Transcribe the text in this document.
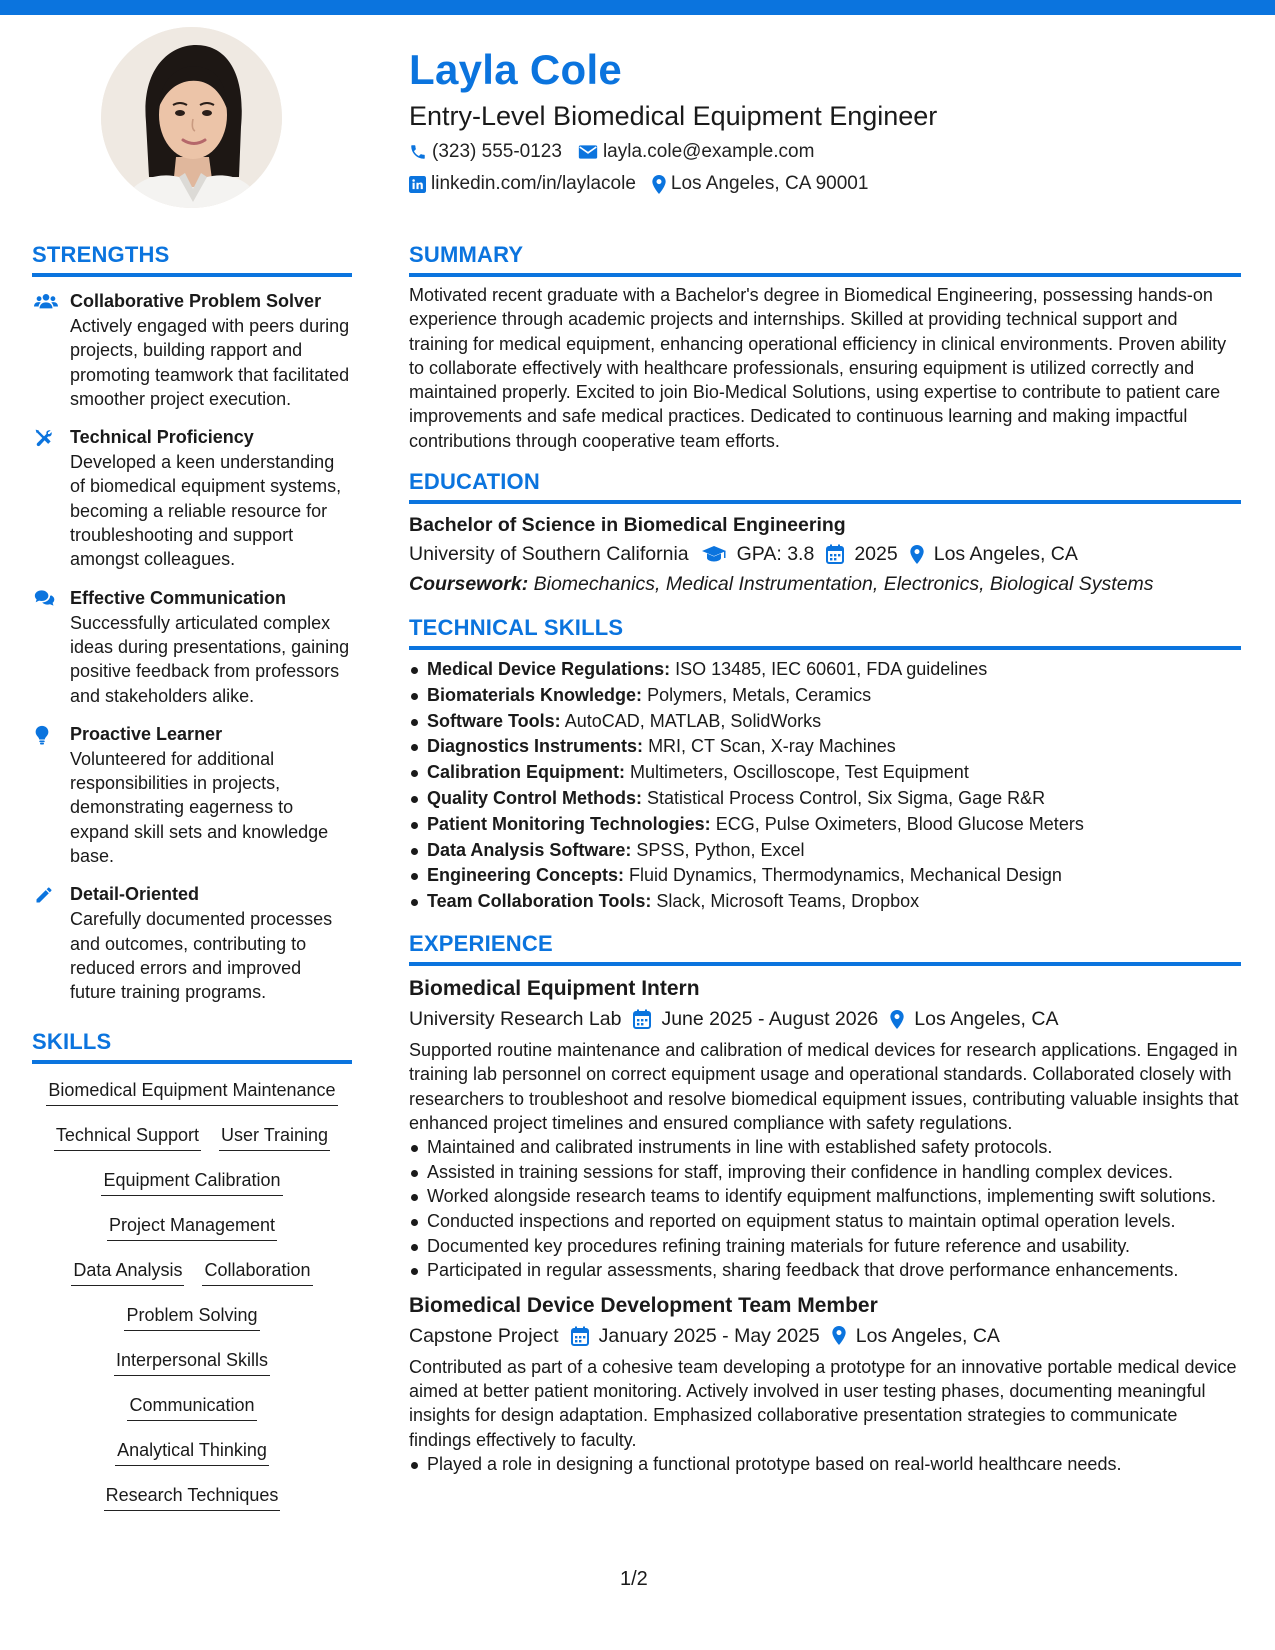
Layla Cole
Entry-Level Biomedical Equipment Engineer
(323) 555-0123 layla.cole@example.com
linkedin.com/in/laylacole Los Angeles, CA 90001
STRENGTHS
Collaborative Problem Solver
Actively engaged with peers during projects, building rapport and promoting teamwork that facilitated smoother project execution.
Technical Proficiency
Developed a keen understanding of biomedical equipment systems, becoming a reliable resource for troubleshooting and support amongst colleagues.
Effective Communication
Successfully articulated complex ideas during presentations, gaining positive feedback from professors and stakeholders alike.
Proactive Learner
Volunteered for additional responsibilities in projects, demonstrating eagerness to expand skill sets and knowledge base.
Detail-Oriented
Carefully documented processes and outcomes, contributing to reduced errors and improved future training programs.
SKILLS
Biomedical Equipment Maintenance
Technical Support User Training
Equipment Calibration
Project Management
Data Analysis Collaboration
Problem Solving
Interpersonal Skills
Communication
Analytical Thinking
Research Techniques
SUMMARY
Motivated recent graduate with a Bachelor's degree in Biomedical Engineering, possessing hands-on experience through academic projects and internships. Skilled at providing technical support and training for medical equipment, enhancing operational efficiency in clinical environments. Proven ability to collaborate effectively with healthcare professionals, ensuring equipment is utilized correctly and maintained properly. Excited to join Bio-Medical Solutions, using expertise to contribute to patient care improvements and safe medical practices. Dedicated to continuous learning and making impactful contributions through cooperative team efforts.
EDUCATION
Bachelor of Science in Biomedical Engineering
University of Southern California GPA: 3.8 2025 Los Angeles, CA
Coursework: Biomechanics, Medical Instrumentation, Electronics, Biological Systems
TECHNICAL SKILLS
Medical Device Regulations: ISO 13485, IEC 60601, FDA guidelines
Biomaterials Knowledge: Polymers, Metals, Ceramics
Software Tools: AutoCAD, MATLAB, SolidWorks
Diagnostics Instruments: MRI, CT Scan, X-ray Machines
Calibration Equipment: Multimeters, Oscilloscope, Test Equipment
Quality Control Methods: Statistical Process Control, Six Sigma, Gage R&R
Patient Monitoring Technologies: ECG, Pulse Oximeters, Blood Glucose Meters
Data Analysis Software: SPSS, Python, Excel
Engineering Concepts: Fluid Dynamics, Thermodynamics, Mechanical Design
Team Collaboration Tools: Slack, Microsoft Teams, Dropbox
EXPERIENCE
Biomedical Equipment Intern
University Research Lab June 2025 - August 2026 Los Angeles, CA
Supported routine maintenance and calibration of medical devices for research applications. Engaged in training lab personnel on correct equipment usage and operational standards. Collaborated closely with researchers to troubleshoot and resolve biomedical equipment issues, contributing valuable insights that enhanced project timelines and ensured compliance with safety regulations.
Maintained and calibrated instruments in line with established safety protocols.
Assisted in training sessions for staff, improving their confidence in handling complex devices.
Worked alongside research teams to identify equipment malfunctions, implementing swift solutions.
Conducted inspections and reported on equipment status to maintain optimal operation levels.
Documented key procedures refining training materials for future reference and usability.
Participated in regular assessments, sharing feedback that drove performance enhancements.
Biomedical Device Development Team Member
Capstone Project January 2025 - May 2025 Los Angeles, CA
Contributed as part of a cohesive team developing a prototype for an innovative portable medical device aimed at better patient monitoring. Actively involved in user testing phases, documenting meaningful insights for design adaptation. Emphasized collaborative presentation strategies to communicate findings effectively to faculty.
Played a role in designing a functional prototype based on real-world healthcare needs.
1/2
